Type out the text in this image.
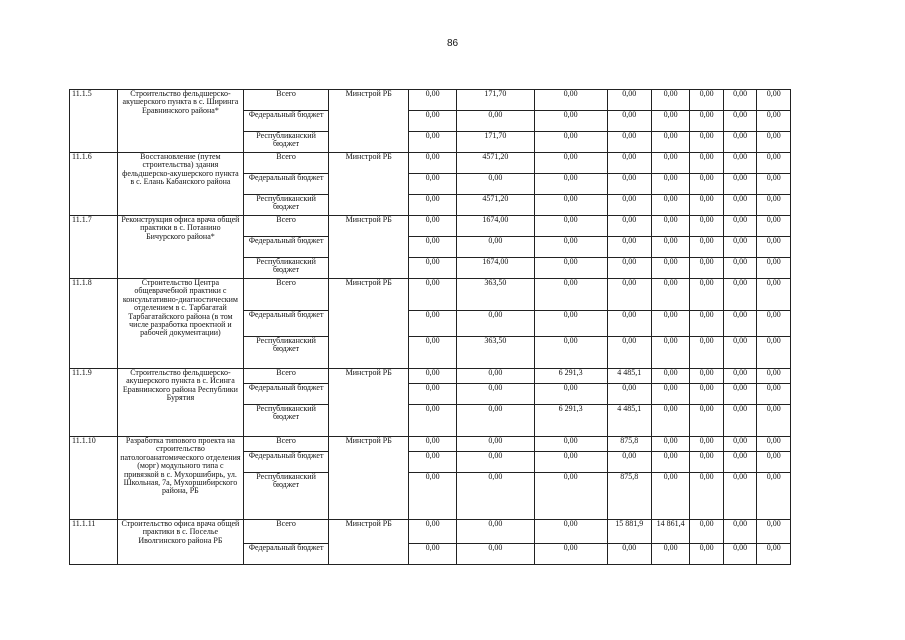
86
11.1.5	Строительство фельдшерско-акушерского пункта в с. Ширинга Еравнинского района*	Всего	Минстрой РБ	0,00	171,70	0,00	0,00	0,00	0,00	0,00	0,00
		Федеральный бюджет		0,00	0,00	0,00	0,00	0,00	0,00	0,00	0,00
		Республиканский бюджет		0,00	171,70	0,00	0,00	0,00	0,00	0,00	0,00
11.1.6	Восстановление (путем строительства) здания фельдшерско-акушерского пункта в с. Елань Кабанского района	Всего	Минстрой РБ	0,00	4571,20	0,00	0,00	0,00	0,00	0,00	0,00
		Федеральный бюджет		0,00	0,00	0,00	0,00	0,00	0,00	0,00	0,00
		Республиканский бюджет		0,00	4571,20	0,00	0,00	0,00	0,00	0,00	0,00
11.1.7	Реконструкция офиса врача общей практики в с. Потанино Бичурского района*	Всего	Минстрой РБ	0,00	1674,00	0,00	0,00	0,00	0,00	0,00	0,00
		Федеральный бюджет		0,00	0,00	0,00	0,00	0,00	0,00	0,00	0,00
		Республиканский бюджет		0,00	1674,00	0,00	0,00	0,00	0,00	0,00	0,00
11.1.8	Строительство Центра общеврачебной практики с консультативно-диагностическим отделением в с. Тарбагатай Тарбагатайского района (в том числе разработка проектной и рабочей документации)	Всего	Минстрой РБ	0,00	363,50	0,00	0,00	0,00	0,00	0,00	0,00
		Федеральный бюджет		0,00	0,00	0,00	0,00	0,00	0,00	0,00	0,00
		Республиканский бюджет		0,00	363,50	0,00	0,00	0,00	0,00	0,00	0,00
11.1.9	Строительство фельдшерско-акушерского пункта в с. Исинга Еравнинского района Республики Бурятия	Всего	Минстрой РБ	0,00	0,00	6 291,3	4 485,1	0,00	0,00	0,00	0,00
		Федеральный бюджет		0,00	0,00	0,00	0,00	0,00	0,00	0,00	0,00
		Республиканский бюджет		0,00	0,00	6 291,3	4 485,1	0,00	0,00	0,00	0,00
11.1.10	Разработка типового проекта на строительство патологоанатомического отделения (морг) модульного типа с привязкой в с. Мухоршибирь, ул. Школьная, 7а, Мухоршибирского района, РБ	Всего	Минстрой РБ	0,00	0,00	0,00	875,8	0,00	0,00	0,00	0,00
		Федеральный бюджет		0,00	0,00	0,00	0,00	0,00	0,00	0,00	0,00
		Республиканский бюджет		0,00	0,00	0,00	875,8	0,00	0,00	0,00	0,00
11.1.11	Строительство офиса врача общей практики в с. Поселье Иволгинского района РБ	Всего	Минстрой РБ	0,00	0,00	0,00	15 881,9	14 861,4	0,00	0,00	0,00
		Федеральный бюджет		0,00	0,00	0,00	0,00	0,00	0,00	0,00	0,00
